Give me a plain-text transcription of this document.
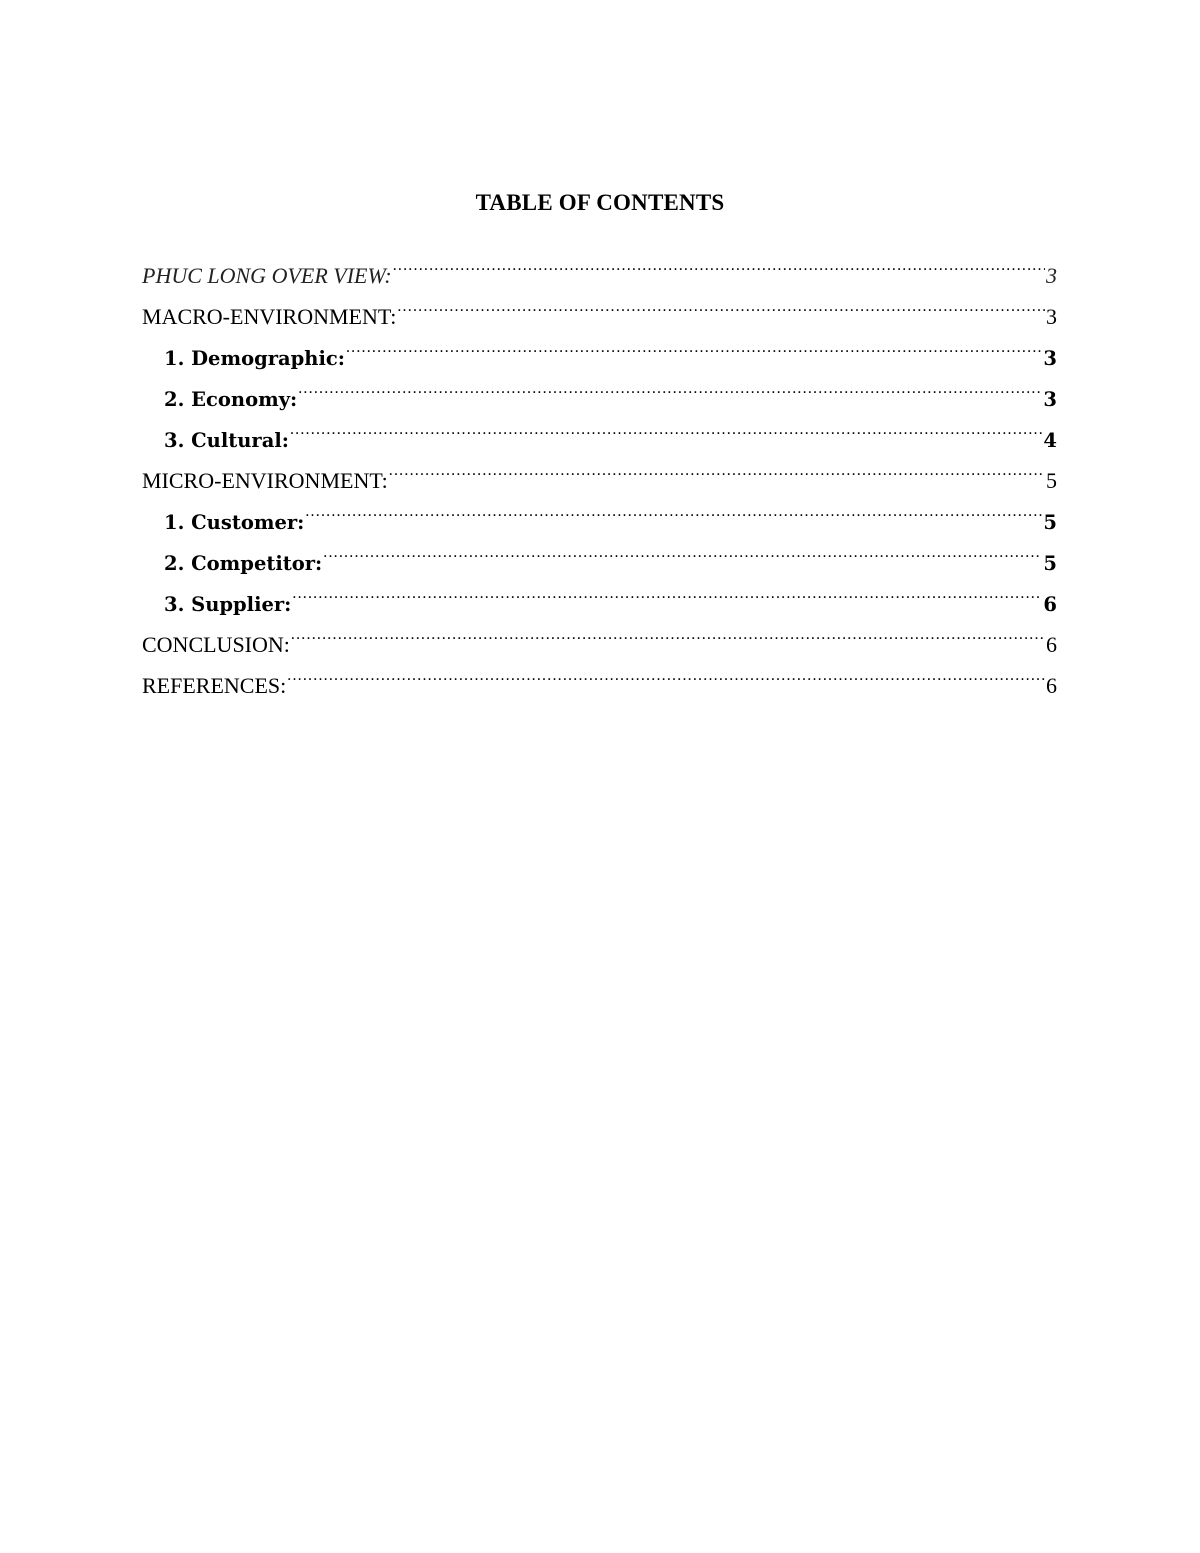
TABLE OF CONTENTS
PHUC LONG OVER VIEW: .....	3
MACRO-ENVIRONMENT: .....	3
1. Demographic: .....	3
2. Economy: .....	3
3. Cultural: .....	4
MICRO-ENVIRONMENT: .....	5
1. Customer: .....	5
2. Competitor: .....	5
3. Supplier: .....	6
CONCLUSION: .....	6
REFERENCES: .....	6
